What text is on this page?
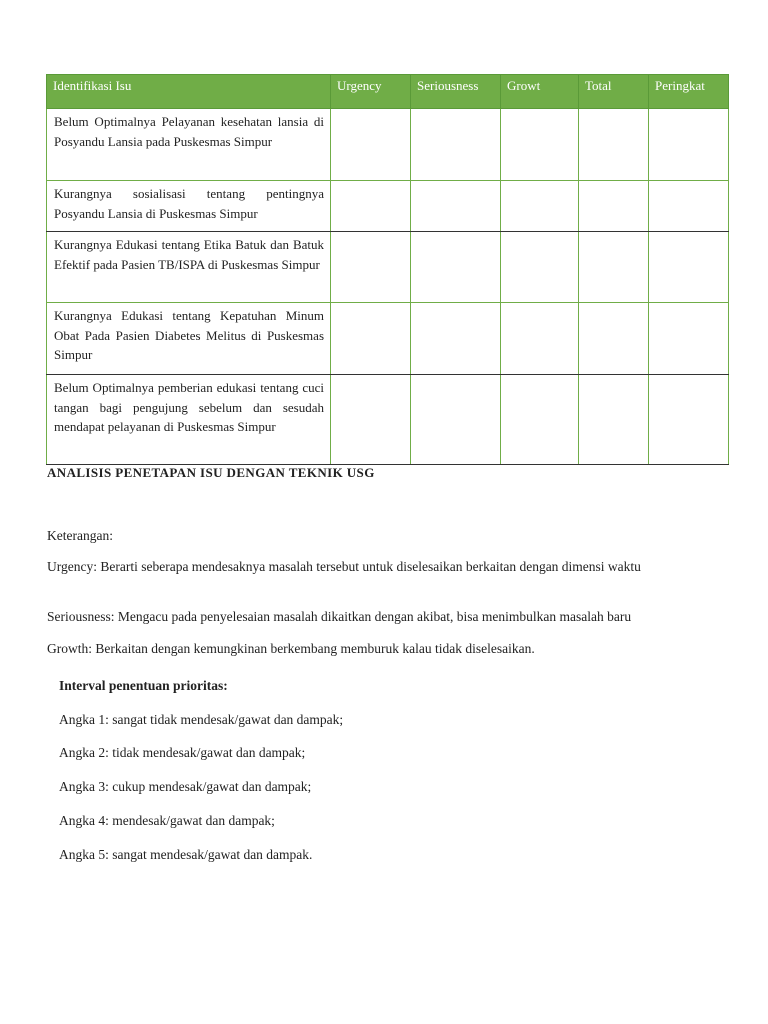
Identifikasi Isu	Urgency	Seriousness	Growt	Total	Peringkat
Belum Optimalnya Pelayanan kesehatan lansia di Posyandu Lansia pada Puskesmas Simpur					
Kurangnya sosialisasi tentang pentingnya Posyandu Lansia di Puskesmas Simpur					
Kurangnya Edukasi tentang Etika Batuk dan Batuk Efektif pada Pasien TB/ISPA di Puskesmas Simpur					
Kurangnya Edukasi tentang Kepatuhan Minum Obat Pada Pasien Diabetes Melitus di Puskesmas Simpur					
Belum Optimalnya pemberian edukasi tentang cuci tangan bagi pengujung sebelum dan sesudah mendapat pelayanan di Puskesmas Simpur					
ANALISIS PENETAPAN ISU DENGAN TEKNIK USG

Keterangan:

Urgency: Berarti seberapa mendesaknya masalah tersebut untuk diselesaikan berkaitan dengan dimensi waktu

Seriousness: Mengacu pada penyelesaian masalah dikaitkan dengan akibat, bisa menimbulkan masalah baru

Growth: Berkaitan dengan kemungkinan berkembang memburuk kalau tidak diselesaikan.

Interval penentuan prioritas:

Angka 1: sangat tidak mendesak/gawat dan dampak;

Angka 2: tidak mendesak/gawat dan dampak;

Angka 3: cukup mendesak/gawat dan dampak;

Angka 4: mendesak/gawat dan dampak;

Angka 5: sangat mendesak/gawat dan dampak.
